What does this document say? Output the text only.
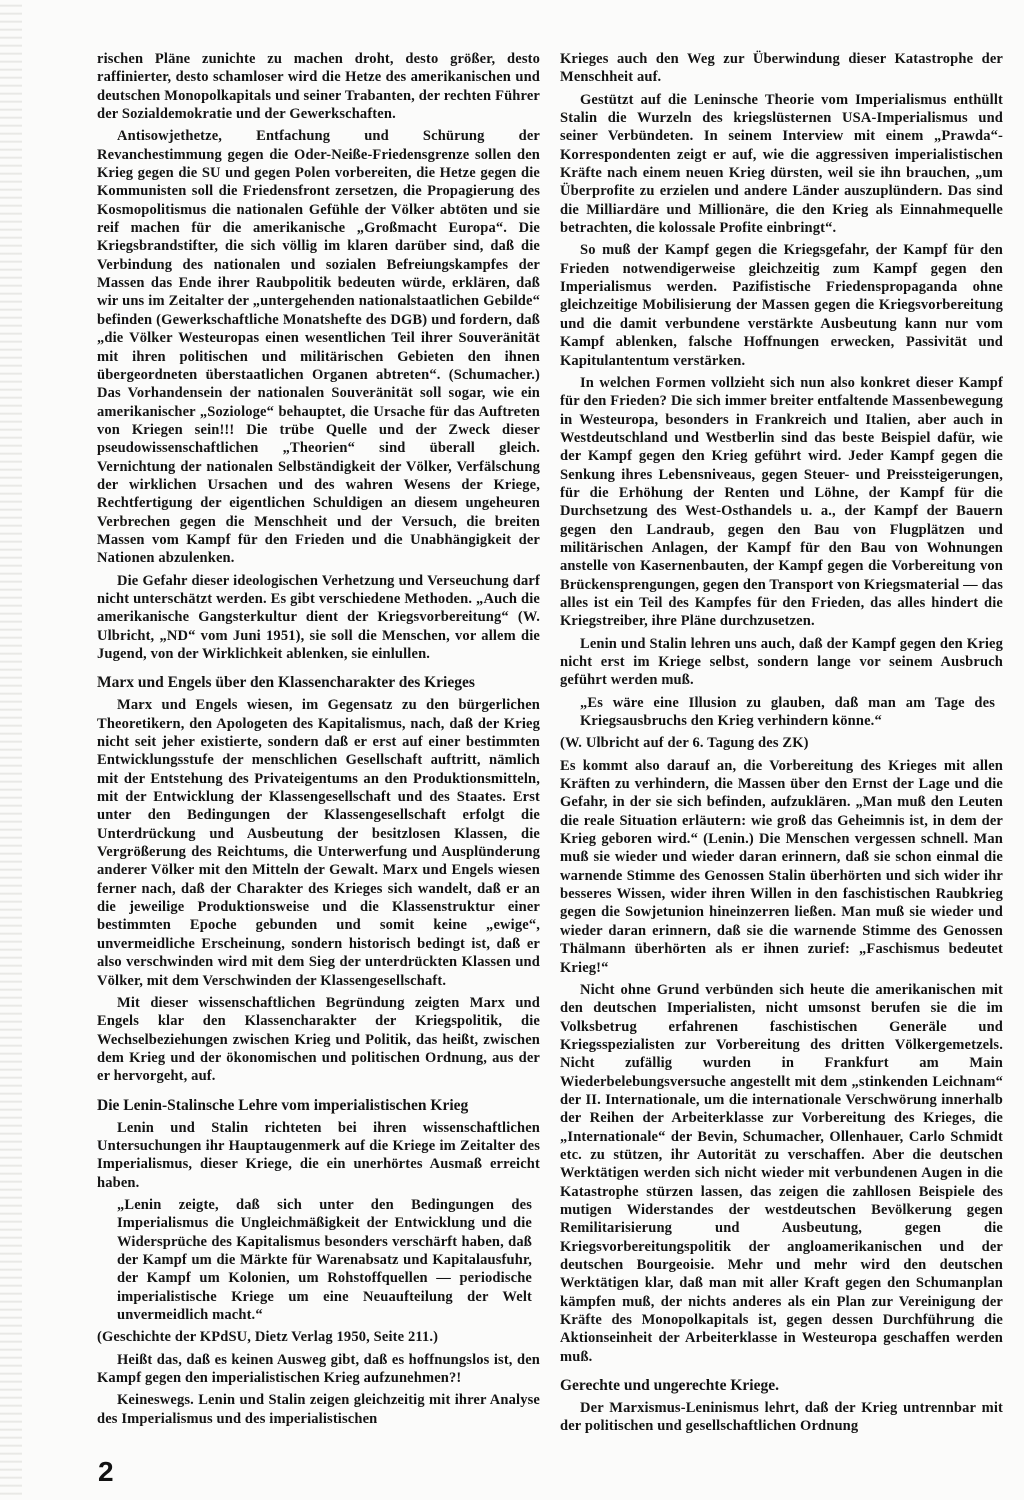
rischen Pläne zunichte zu machen droht, desto größer, desto raffinierter, desto schamloser wird die Hetze des amerikanischen und deutschen Monopolkapitals und seiner Trabanten, der rechten Führer der Sozialdemokratie und der Gewerkschaften.

Antisowjethetze, Entfachung und Schürung der Revanchestimmung gegen die Oder-Neiße-Friedensgrenze sollen den Krieg gegen die SU und gegen Polen vorbereiten, die Hetze gegen die Kommunisten soll die Friedensfront zersetzen, die Propagierung des Kosmopolitismus die nationalen Gefühle der Völker abtöten und sie reif machen für die amerikanische „Großmacht Europa“. Die Kriegsbrandstifter, die sich völlig im klaren darüber sind, daß die Verbindung des nationalen und sozialen Befreiungskampfes der Massen das Ende ihrer Raubpolitik bedeuten würde, erklären, daß wir uns im Zeitalter der „untergehenden nationalstaatlichen Gebilde“ befinden (Gewerkschaftliche Monatshefte des DGB) und fordern, daß „die Völker Westeuropas einen wesentlichen Teil ihrer Souveränität mit ihren politischen und militärischen Gebieten den ihnen übergeordneten überstaatlichen Organen abtreten“. (Schumacher.) Das Vorhandensein der nationalen Souveränität soll sogar, wie ein amerikanischer „Soziologe“ behauptet, die Ursache für das Auftreten von Kriegen sein!!! Die trübe Quelle und der Zweck dieser pseudowissenschaftlichen „Theorien“ sind überall gleich. Vernichtung der nationalen Selbständigkeit der Völker, Verfälschung der wirklichen Ursachen und des wahren Wesens der Kriege, Rechtfertigung der eigentlichen Schuldigen an diesem ungeheuren Verbrechen gegen die Menschheit und der Versuch, die breiten Massen vom Kampf für den Frieden und die Unabhängigkeit der Nationen abzulenken.

Die Gefahr dieser ideologischen Verhetzung und Verseuchung darf nicht unterschätzt werden. Es gibt verschiedene Methoden. „Auch die amerikanische Gangsterkultur dient der Kriegsvorbereitung“ (W. Ulbricht, „ND“ vom Juni 1951), sie soll die Menschen, vor allem die Jugend, von der Wirklichkeit ablenken, sie einlullen.

Marx und Engels über den Klassencharakter des Krieges

Marx und Engels wiesen, im Gegensatz zu den bürgerlichen Theoretikern, den Apologeten des Kapitalismus, nach, daß der Krieg nicht seit jeher existierte, sondern daß er erst auf einer bestimmten Entwicklungsstufe der menschlichen Gesellschaft auftritt, nämlich mit der Entstehung des Privateigentums an den Produktionsmitteln, mit der Entwicklung der Klassengesellschaft und des Staates. Erst unter den Bedingungen der Klassengesellschaft erfolgt die Unterdrückung und Ausbeutung der besitzlosen Klassen, die Vergrößerung des Reichtums, die Unterwerfung und Ausplünderung anderer Völker mit den Mitteln der Gewalt. Marx und Engels wiesen ferner nach, daß der Charakter des Krieges sich wandelt, daß er an die jeweilige Produktionsweise und die Klassenstruktur einer bestimmten Epoche gebunden und somit keine „ewige“, unvermeidliche Erscheinung, sondern historisch bedingt ist, daß er also verschwinden wird mit dem Sieg der unterdrückten Klassen und Völker, mit dem Verschwinden der Klassengesellschaft.

Mit dieser wissenschaftlichen Begründung zeigten Marx und Engels klar den Klassencharakter der Kriegspolitik, die Wechselbeziehungen zwischen Krieg und Politik, das heißt, zwischen dem Krieg und der ökonomischen und politischen Ordnung, aus der er hervorgeht, auf.

Die Lenin-Stalinsche Lehre vom imperialistischen Krieg

Lenin und Stalin richteten bei ihren wissenschaftlichen Untersuchungen ihr Hauptaugenmerk auf die Kriege im Zeitalter des Imperialismus, dieser Kriege, die ein unerhörtes Ausmaß erreicht haben.

„Lenin zeigte, daß sich unter den Bedingungen des Imperialismus die Ungleichmäßigkeit der Entwicklung und die Widersprüche des Kapitalismus besonders verschärft haben, daß der Kampf um die Märkte für Warenabsatz und Kapitalausfuhr, der Kampf um Kolonien, um Rohstoffquellen — periodische imperialistische Kriege um eine Neuaufteilung der Welt unvermeidlich macht.“

(Geschichte der KPdSU, Dietz Verlag 1950, Seite 211.)

Heißt das, daß es keinen Ausweg gibt, daß es hoffnungslos ist, den Kampf gegen den imperialistischen Krieg aufzunehmen?!

Keineswegs. Lenin und Stalin zeigen gleichzeitig mit ihrer Analyse des Imperialismus und des imperialistischen

Krieges auch den Weg zur Überwindung dieser Katastrophe der Menschheit auf.

Gestützt auf die Leninsche Theorie vom Imperialismus enthüllt Stalin die Wurzeln des kriegslüsternen USA-Imperialismus und seiner Verbündeten. In seinem Interview mit einem „Prawda“-Korrespondenten zeigt er auf, wie die aggressiven imperialistischen Kräfte nach einem neuen Krieg dürsten, weil sie ihn brauchen, „um Überprofite zu erzielen und andere Länder auszuplündern. Das sind die Milliardäre und Millionäre, die den Krieg als Einnahmequelle betrachten, die kolossale Profite einbringt“.

So muß der Kampf gegen die Kriegsgefahr, der Kampf für den Frieden notwendigerweise gleichzeitig zum Kampf gegen den Imperialismus werden. Pazifistische Friedenspropaganda ohne gleichzeitige Mobilisierung der Massen gegen die Kriegsvorbereitung und die damit verbundene verstärkte Ausbeutung kann nur vom Kampf ablenken, falsche Hoffnungen erwecken, Passivität und Kapitulantentum verstärken.

In welchen Formen vollzieht sich nun also konkret dieser Kampf für den Frieden? Die sich immer breiter entfaltende Massenbewegung in Westeuropa, besonders in Frankreich und Italien, aber auch in Westdeutschland und Westberlin sind das beste Beispiel dafür, wie der Kampf gegen den Krieg geführt wird. Jeder Kampf gegen die Senkung ihres Lebensniveaus, gegen Steuer- und Preissteigerungen, für die Erhöhung der Renten und Löhne, der Kampf für die Durchsetzung des West-Osthandels u. a., der Kampf der Bauern gegen den Landraub, gegen den Bau von Flugplätzen und militärischen Anlagen, der Kampf für den Bau von Wohnungen anstelle von Kasernenbauten, der Kampf gegen die Vorbereitung von Brückensprengungen, gegen den Transport von Kriegsmaterial — das alles ist ein Teil des Kampfes für den Frieden, das alles hindert die Kriegstreiber, ihre Pläne durchzusetzen.

Lenin und Stalin lehren uns auch, daß der Kampf gegen den Krieg nicht erst im Kriege selbst, sondern lange vor seinem Ausbruch geführt werden muß.

„Es wäre eine Illusion zu glauben, daß man am Tage des Kriegsausbruchs den Krieg verhindern könne.“

(W. Ulbricht auf der 6. Tagung des ZK)

Es kommt also darauf an, die Vorbereitung des Krieges mit allen Kräften zu verhindern, die Massen über den Ernst der Lage und die Gefahr, in der sie sich befinden, aufzuklären. „Man muß den Leuten die reale Situation erläutern: wie groß das Geheimnis ist, in dem der Krieg geboren wird.“ (Lenin.) Die Menschen vergessen schnell. Man muß sie wieder und wieder daran erinnern, daß sie schon einmal die warnende Stimme des Genossen Stalin überhörten und sich wider ihr besseres Wissen, wider ihren Willen in den faschistischen Raubkrieg gegen die Sowjetunion hineinzerren ließen. Man muß sie wieder und wieder daran erinnern, daß sie die warnende Stimme des Genossen Thälmann überhörten als er ihnen zurief: „Faschismus bedeutet Krieg!“

Nicht ohne Grund verbünden sich heute die amerikanischen mit den deutschen Imperialisten, nicht umsonst berufen sie die im Volksbetrug erfahrenen faschistischen Generäle und Kriegsspezialisten zur Vorbereitung des dritten Völkergemetzels. Nicht zufällig wurden in Frankfurt am Main Wiederbelebungsversuche angestellt mit dem „stinkenden Leichnam“ der II. Internationale, um die internationale Verschwörung innerhalb der Reihen der Arbeiterklasse zur Vorbereitung des Krieges, die „Internationale“ der Bevin, Schumacher, Ollenhauer, Carlo Schmidt etc. zu stützen, ihr Autorität zu verschaffen. Aber die deutschen Werktätigen werden sich nicht wieder mit verbundenen Augen in die Katastrophe stürzen lassen, das zeigen die zahllosen Beispiele des mutigen Widerstandes der westdeutschen Bevölkerung gegen Remilitarisierung und Ausbeutung, gegen die Kriegsvorbereitungspolitik der angloamerikanischen und der deutschen Bourgeoisie. Mehr und mehr wird den deutschen Werktätigen klar, daß man mit aller Kraft gegen den Schumanplan kämpfen muß, der nichts anderes als ein Plan zur Vereinigung der Kräfte des Monopolkapitals ist, gegen dessen Durchführung die Aktionseinheit der Arbeiterklasse in Westeuropa geschaffen werden muß.

Gerechte und ungerechte Kriege.

Der Marxismus-Leninismus lehrt, daß der Krieg untrennbar mit der politischen und gesellschaftlichen Ordnung

2
